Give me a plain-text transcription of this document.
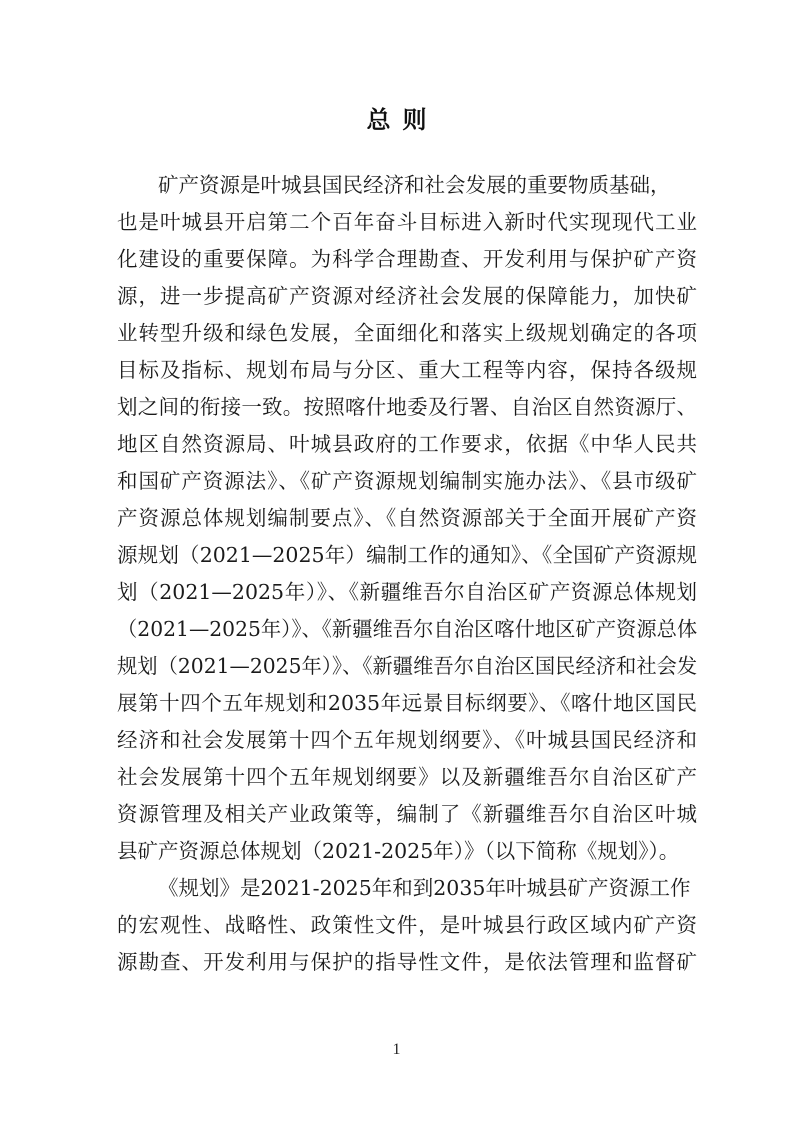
总则
矿产资源是叶城县国民经济和社会发展的重要物质基础，
也是叶城县开启第二个百年奋斗目标进入新时代实现现代工业
化建设的重要保障。为科学合理勘查、开发利用与保护矿产资
源，进一步提高矿产资源对经济社会发展的保障能力，加快矿
业转型升级和绿色发展，全面细化和落实上级规划确定的各项
目标及指标、规划布局与分区、重大工程等内容，保持各级规
划之间的衔接一致。按照喀什地委及行署、自治区自然资源厅、
地区自然资源局、叶城县政府的工作要求，依据《中华人民共
和国矿产资源法》、《矿产资源规划编制实施办法》、《县市级矿
产资源总体规划编制要点》、《自然资源部关于全面开展矿产资
源规划（2021—2025年）编制工作的通知》、《全国矿产资源规
划（2021—2025年）》、《新疆维吾尔自治区矿产资源总体规划
（2021—2025年）》、《新疆维吾尔自治区喀什地区矿产资源总体
规划（2021—2025年）》、《新疆维吾尔自治区国民经济和社会发
展第十四个五年规划和2035年远景目标纲要》、《喀什地区国民
经济和社会发展第十四个五年规划纲要》、《叶城县国民经济和
社会发展第十四个五年规划纲要》以及新疆维吾尔自治区矿产
资源管理及相关产业政策等，编制了《新疆维吾尔自治区叶城
县矿产资源总体规划（2021-2025年）》（以下简称《规划》）。
《规划》是2021-2025年和到2035年叶城县矿产资源工作
的宏观性、战略性、政策性文件，是叶城县行政区域内矿产资
源勘查、开发利用与保护的指导性文件，是依法管理和监督矿
1
